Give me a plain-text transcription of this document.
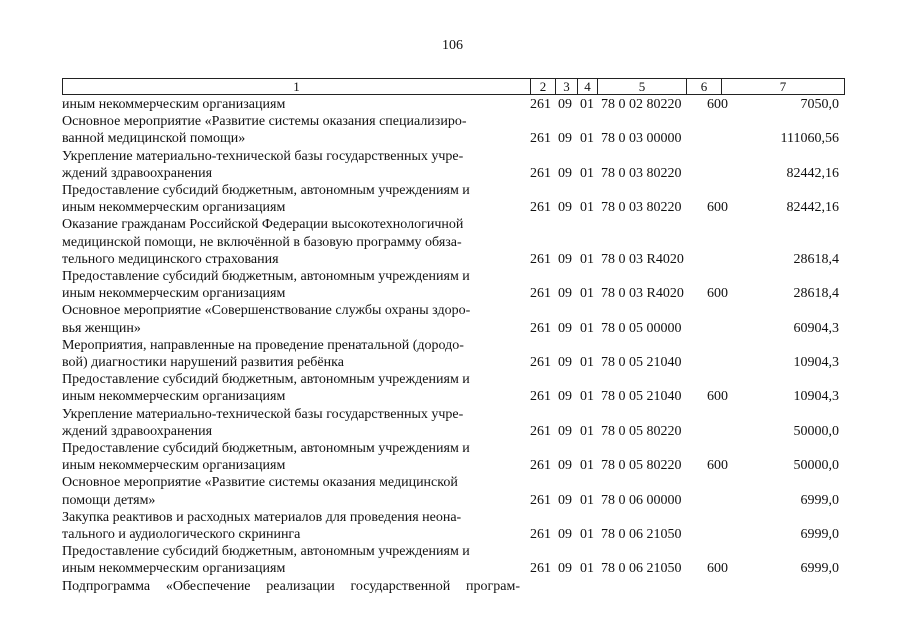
106
1	2	3	4	5	6	7
иным некоммерческим организациям	261 09 01 78 0 02 80220 600	7050,0
Основное мероприятие «Развитие системы оказания специализиро-
ванной медицинской помощи»	261 09 01 78 0 03 00000	111060,56
Укрепление материально-технической базы государственных учре-
ждений здравоохранения	261 09 01 78 0 03 80220	82442,16
Предоставление субсидий бюджетным, автономным учреждениям и
иным некоммерческим организациям	261 09 01 78 0 03 80220 600	82442,16
Оказание гражданам Российской Федерации высокотехнологичной
медицинской помощи, не включённой в базовую программу обяза-
тельного медицинского страхования	261 09 01 78 0 03 R4020	28618,4
Предоставление субсидий бюджетным, автономным учреждениям и
иным некоммерческим организациям	261 09 01 78 0 03 R4020 600	28618,4
Основное мероприятие «Совершенствование службы охраны здоро-
вья женщин»	261 09 01 78 0 05 00000	60904,3
Мероприятия, направленные на проведение пренатальной (дородо-
вой) диагностики нарушений развития ребёнка	261 09 01 78 0 05 21040	10904,3
Предоставление субсидий бюджетным, автономным учреждениям и
иным некоммерческим организациям	261 09 01 78 0 05 21040 600	10904,3
Укрепление материально-технической базы государственных учре-
ждений здравоохранения	261 09 01 78 0 05 80220	50000,0
Предоставление субсидий бюджетным, автономным учреждениям и
иным некоммерческим организациям	261 09 01 78 0 05 80220 600	50000,0
Основное мероприятие «Развитие системы оказания медицинской
помощи детям»	261 09 01 78 0 06 00000	6999,0
Закупка реактивов и расходных материалов для проведения неона-
тального и аудиологического скрининга	261 09 01 78 0 06 21050	6999,0
Предоставление субсидий бюджетным, автономным учреждениям и
иным некоммерческим организациям	261 09 01 78 0 06 21050 600	6999,0
Подпрограмма «Обеспечение реализации государственной програм-
